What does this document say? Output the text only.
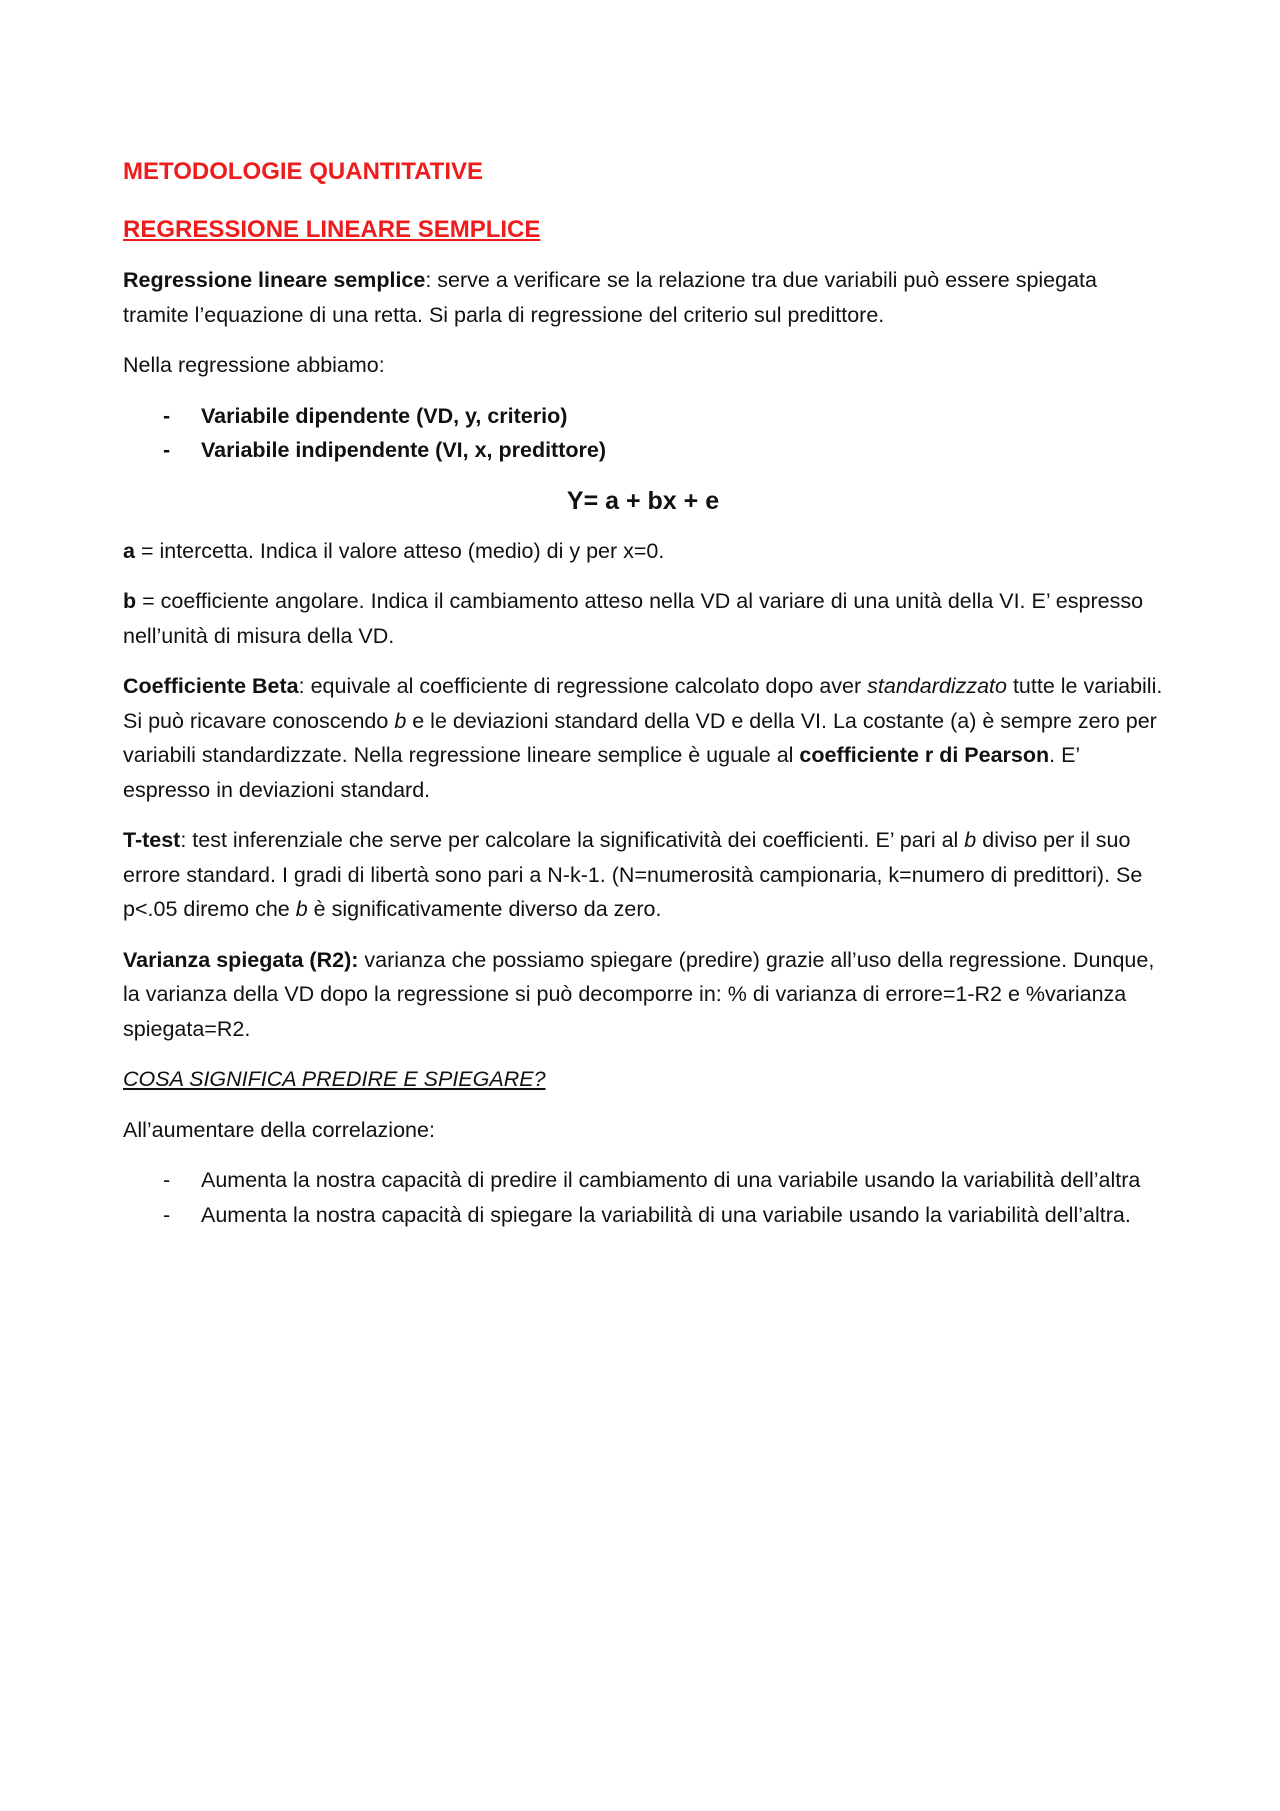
METODOLOGIE QUANTITATIVE
REGRESSIONE LINEARE SEMPLICE

Regressione lineare semplice: serve a verificare se la relazione tra due variabili può essere spiegata tramite l’equazione di una retta. Si parla di regressione del criterio sul predittore.

Nella regressione abbiamo:

- Variabile dipendente (VD, y, criterio)
- Variabile indipendente (VI, x, predittore)
Y= a + bx + e

a = intercetta. Indica il valore atteso (medio) di y per x=0.

b = coefficiente angolare. Indica il cambiamento atteso nella VD al variare di una unità della VI. E’ espresso nell’unità di misura della VD.

Coefficiente Beta: equivale al coefficiente di regressione calcolato dopo aver standardizzato tutte le variabili. Si può ricavare conoscendo b e le deviazioni standard della VD e della VI. La costante (a) è sempre zero per variabili standardizzate. Nella regressione lineare semplice è uguale al coefficiente r di Pearson. E’ espresso in deviazioni standard.

T-test: test inferenziale che serve per calcolare la significatività dei coefficienti. E’ pari al b diviso per il suo errore standard. I gradi di libertà sono pari a N-k-1. (N=numerosità campionaria, k=numero di predittori). Se p<.05 diremo che b è significativamente diverso da zero.

Varianza spiegata (R2): varianza che possiamo spiegare (predire) grazie all’uso della regressione. Dunque, la varianza della VD dopo la regressione si può decomporre in: % di varianza di errore=1-R2 e %varianza spiegata=R2.

COSA SIGNIFICA PREDIRE E SPIEGARE?

All’aumentare della correlazione:

- Aumenta la nostra capacità di predire il cambiamento di una variabile usando la variabilità dell’altra
- Aumenta la nostra capacità di spiegare la variabilità di una variabile usando la variabilità dell’altra.
